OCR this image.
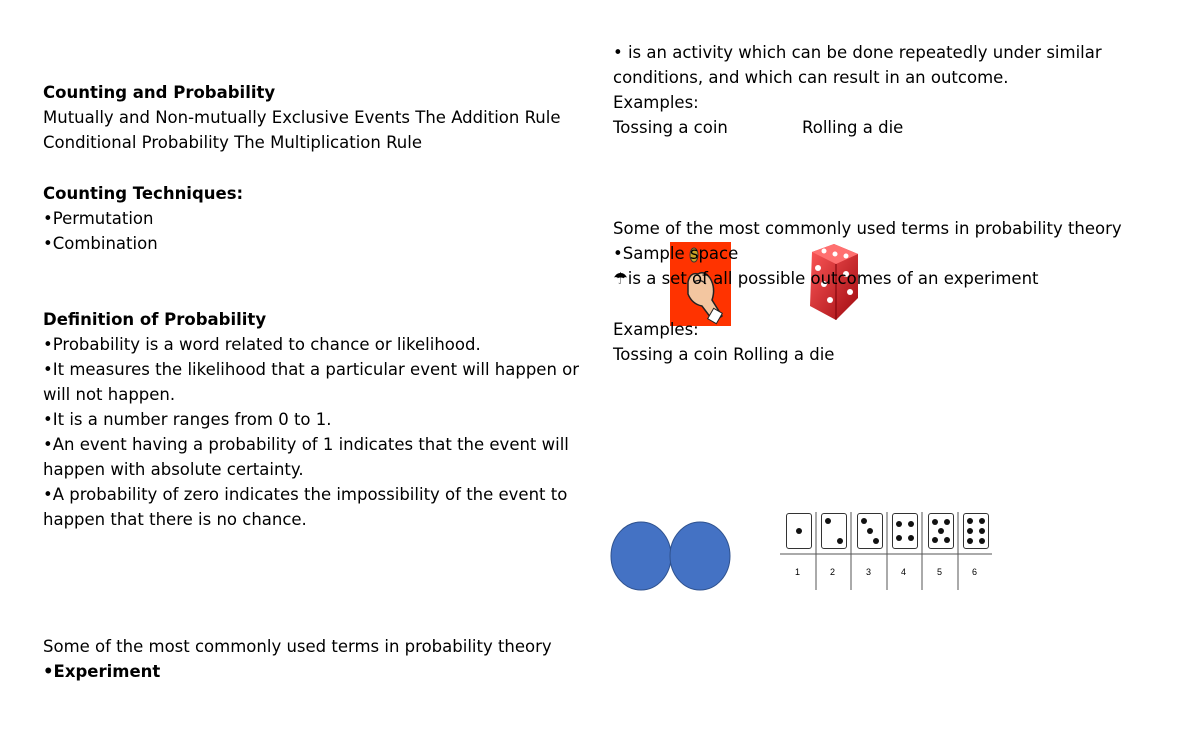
Counting and Probability
Mutually and Non-mutually Exclusive Events The Addition Rule
Conditional Probability The Multiplication Rule
Counting Techniques:
•Permutation
•Combination
Definition of Probability
•Probability is a word related to chance or likelihood.
•It measures the likelihood that a particular event will happen or
will not happen.
•It is a number ranges from 0 to 1.
•An event having a probability of 1 indicates that the event will
happen with absolute certainty.
•A probability of zero indicates the impossibility of the event to
happen that there is no chance.
Some of the most commonly used terms in probability theory
•Experiment
• is an activity which can be done repeatedly under similar
conditions, and which can result in an outcome.
Examples:
Tossing a coin	Rolling a die
Some of the most commonly used terms in probability theory
•Sample space
☂is a set of all possible outcomes of an experiment
Examples:
Tossing a coin Rolling a die
1	2	3	4	5	6
